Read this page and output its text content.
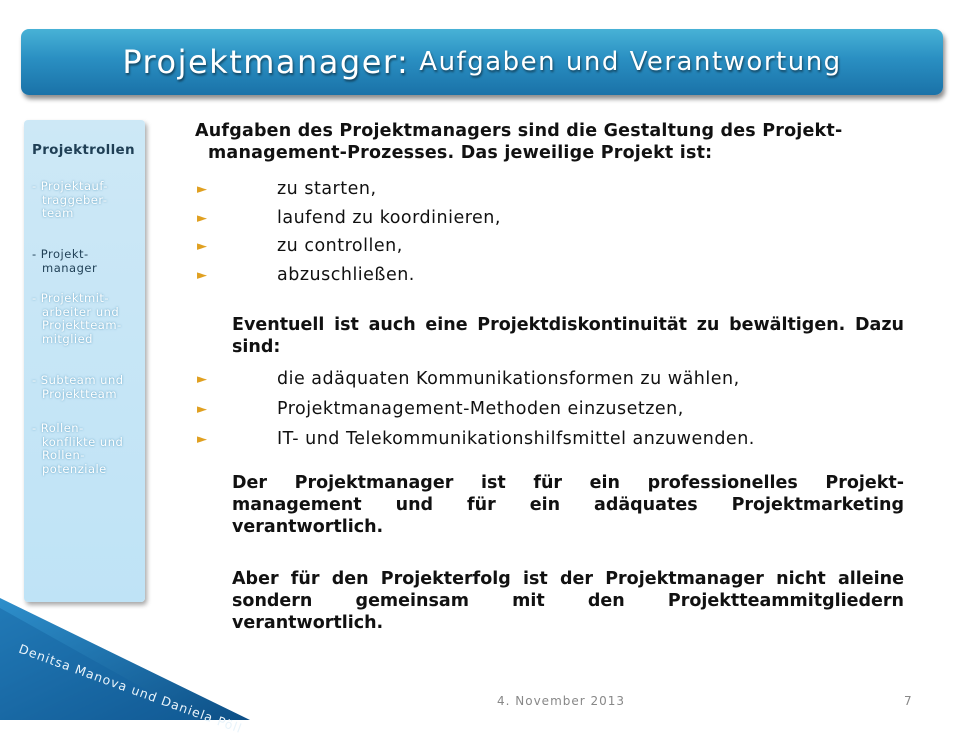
Projektmanager: Aufgaben und Verantwortung
Projektrollen
- Projektauf-
traggeber-
team
- Projekt-
manager
- Projektmit-
arbeiter und
Projektteam-
mitglied
- Subteam und
Projektteam
- Rollen-
konflikte und
Rollen-
potenziale
Aufgaben des Projektmanagers sind die Gestaltung des Projekt-
management-Prozesses. Das jeweilige Projekt ist:
►	zu starten,
►	laufend zu koordinieren,
►	zu controllen,
►	abzuschließen.
Eventuell ist auch eine Projektdiskontinuität zu bewältigen. Dazu sind:
►	die adäquaten Kommunikationsformen zu wählen,
►	Projektmanagement-Methoden einzusetzen,
►	IT- und Telekommunikationshilfsmittel anzuwenden.
Der Projektmanager ist für ein professionelles Projekt-management und für ein adäquates Projektmarketing verantwortlich.
Aber für den Projekterfolg ist der Projektmanager nicht alleine sondern gemeinsam mit den Projektteammitgliedern verantwortlich.
Denitsa Manova und Daniela Pöll	4. November 2013	7
